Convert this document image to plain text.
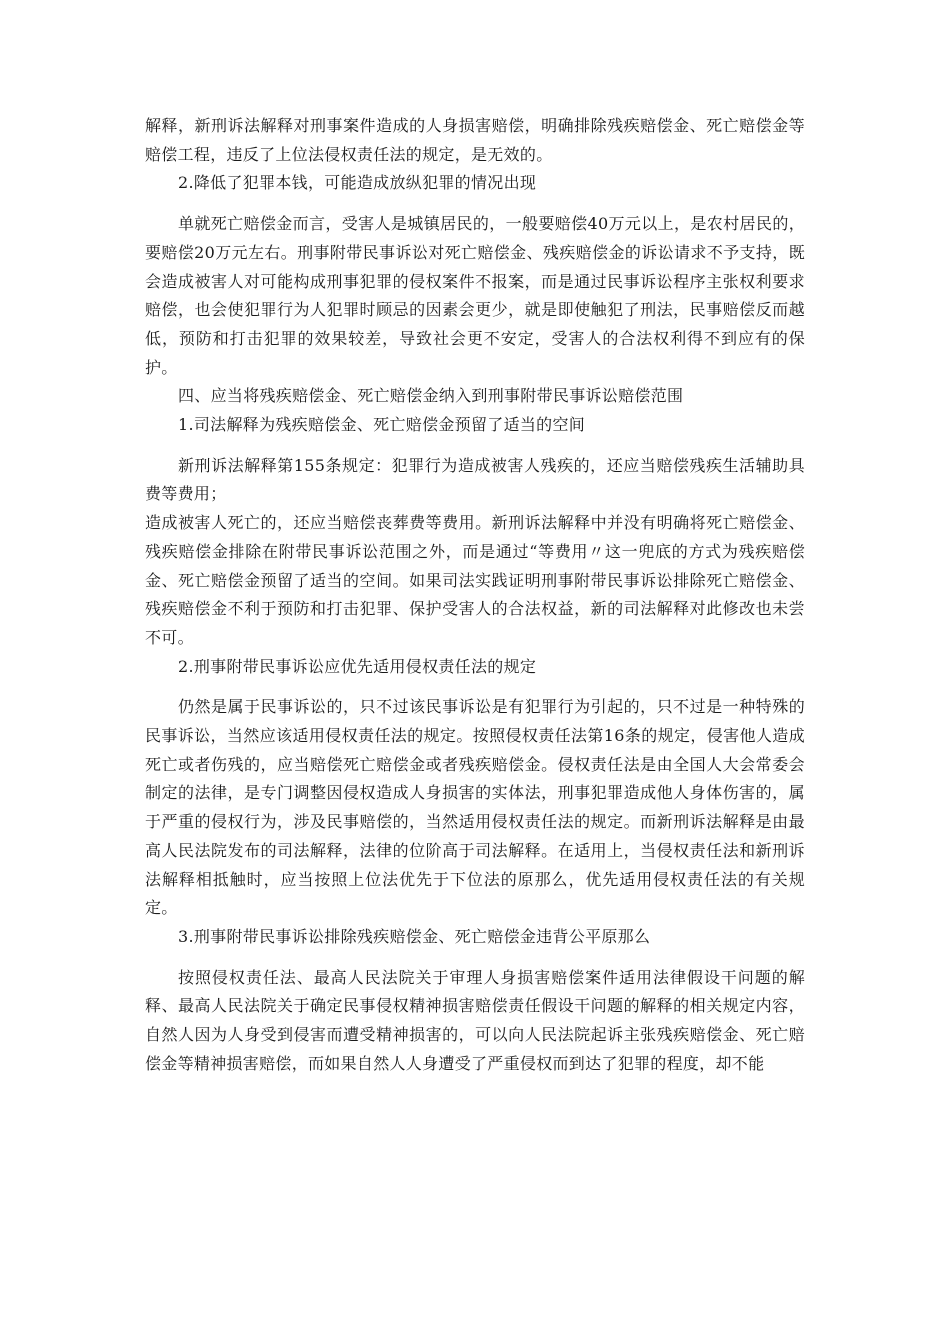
解释，新刑诉法解释对刑事案件造成的人身损害赔偿，明确排除残疾赔偿金、死亡赔偿金等赔偿工程，违反了上位法侵权责任法的规定，是无效的。

2.降低了犯罪本钱，可能造成放纵犯罪的情况出现

单就死亡赔偿金而言，受害人是城镇居民的，一般要赔偿40万元以上，是农村居民的，要赔偿20万元左右。刑事附带民事诉讼对死亡赔偿金、残疾赔偿金的诉讼请求不予支持，既会造成被害人对可能构成刑事犯罪的侵权案件不报案，而是通过民事诉讼程序主张权利要求赔偿，也会使犯罪行为人犯罪时顾忌的因素会更少，就是即使触犯了刑法，民事赔偿反而越低，预防和打击犯罪的效果较差，导致社会更不安定，受害人的合法权利得不到应有的保护。

四、应当将残疾赔偿金、死亡赔偿金纳入到刑事附带民事诉讼赔偿范围

1.司法解释为残疾赔偿金、死亡赔偿金预留了适当的空间

新刑诉法解释第155条规定：犯罪行为造成被害人残疾的，还应当赔偿残疾生活辅助具费等费用；

造成被害人死亡的，还应当赔偿丧葬费等费用。新刑诉法解释中并没有明确将死亡赔偿金、残疾赔偿金排除在附带民事诉讼范围之外，而是通过“等费用〃这一兜底的方式为残疾赔偿金、死亡赔偿金预留了适当的空间。如果司法实践证明刑事附带民事诉讼排除死亡赔偿金、残疾赔偿金不利于预防和打击犯罪、保护受害人的合法权益，新的司法解释对此修改也未尝不可。

2.刑事附带民事诉讼应优先适用侵权责任法的规定

仍然是属于民事诉讼的，只不过该民事诉讼是有犯罪行为引起的，只不过是一种特殊的民事诉讼，当然应该适用侵权责任法的规定。按照侵权责任法第16条的规定，侵害他人造成死亡或者伤残的，应当赔偿死亡赔偿金或者残疾赔偿金。侵权责任法是由全国人大会常委会制定的法律，是专门调整因侵权造成人身损害的实体法，刑事犯罪造成他人身体伤害的，属于严重的侵权行为，涉及民事赔偿的，当然适用侵权责任法的规定。而新刑诉法解释是由最高人民法院发布的司法解释，法律的位阶高于司法解释。在适用上，当侵权责任法和新刑诉法解释相抵触时，应当按照上位法优先于下位法的原那么，优先适用侵权责任法的有关规定。

3.刑事附带民事诉讼排除残疾赔偿金、死亡赔偿金违背公平原那么

按照侵权责任法、最高人民法院关于审理人身损害赔偿案件适用法律假设干问题的解释、最高人民法院关于确定民事侵权精神损害赔偿责任假设干问题的解释的相关规定内容，自然人因为人身受到侵害而遭受精神损害的，可以向人民法院起诉主张残疾赔偿金、死亡赔偿金等精神损害赔偿，而如果自然人人身遭受了严重侵权而到达了犯罪的程度，却不能
